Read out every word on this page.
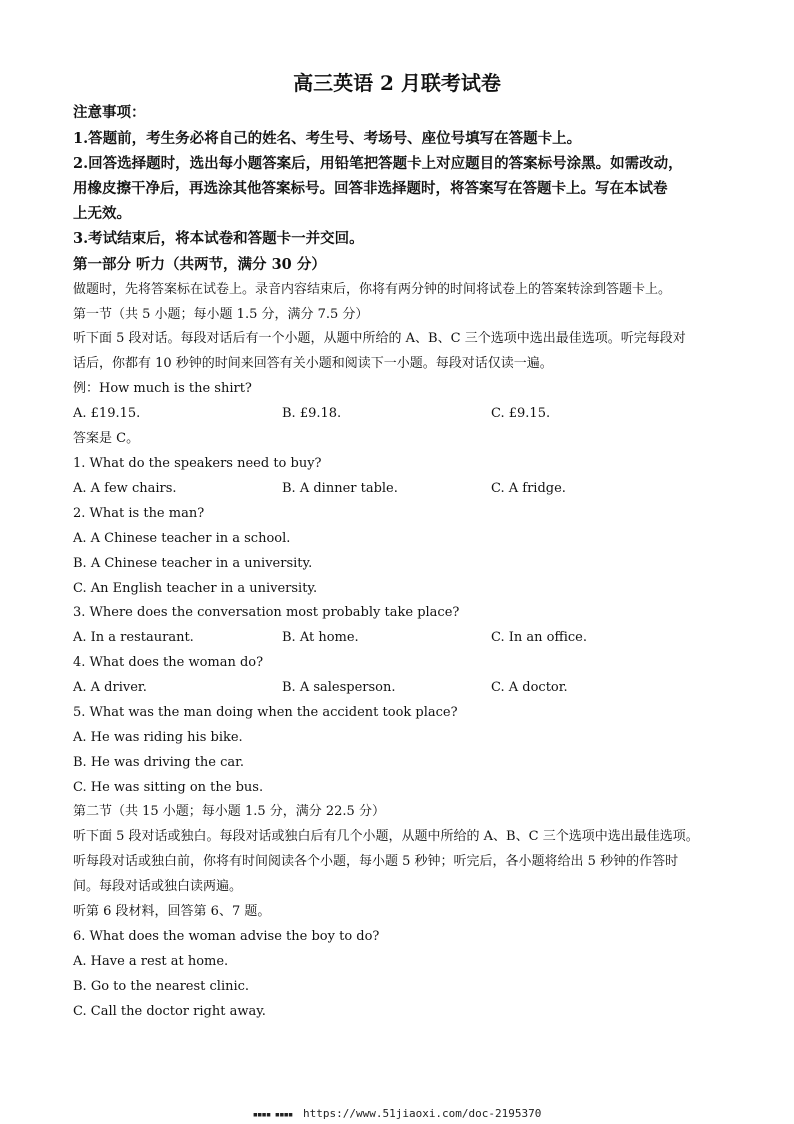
高三英语 2 月联考试卷
注意事项：
1.答题前，考生务必将自己的姓名、考生号、考场号、座位号填写在答题卡上。
2.回答选择题时，选出每小题答案后，用铅笔把答题卡上对应题目的答案标号涂黑。如需改动，
用橡皮擦干净后，再选涂其他答案标号。回答非选择题时，将答案写在答题卡上。写在本试卷
上无效。
3.考试结束后，将本试卷和答题卡一并交回。
第一部分 听力（共两节，满分 30 分）
做题时，先将答案标在试卷上。录音内容结束后，你将有两分钟的时间将试卷上的答案转涂到答题卡上。
第一节（共 5 小题；每小题 1.5 分，满分 7.5 分）
听下面 5 段对话。每段对话后有一个小题，从题中所给的 A、B、C 三个选项中选出最佳选项。听完每段对
话后，你都有 10 秒钟的时间来回答有关小题和阅读下一小题。每段对话仅读一遍。
例：How much is the shirt?
A. £19.15.	B. £9.18.	C. £9.15.
答案是 C。
1. What do the speakers need to buy?
A. A few chairs.	B. A dinner table.	C. A fridge.
2. What is the man?
A. A Chinese teacher in a school.
B. A Chinese teacher in a university.
C. An English teacher in a university.
3. Where does the conversation most probably take place?
A. In a restaurant.	B. At home.	C. In an office.
4. What does the woman do?
A. A driver.	B. A salesperson.	C. A doctor.
5. What was the man doing when the accident took place?
A. He was riding his bike.
B. He was driving the car.
C. He was sitting on the bus.
第二节（共 15 小题；每小题 1.5 分，满分 22.5 分）
听下面 5 段对话或独白。每段对话或独白后有几个小题，从题中所给的 A、B、C 三个选项中选出最佳选项。
听每段对话或独白前，你将有时间阅读各个小题，每小题 5 秒钟；听完后，各小题将给出 5 秒钟的作答时
间。每段对话或独白读两遍。
听第 6 段材料，回答第 6、7 题。
6. What does the woman advise the boy to do?
A. Have a rest at home.
B. Go to the nearest clinic.
C. Call the doctor right away.
▪▪▪▪ ▪▪▪▪ https://www.51jiaoxi.com/doc-2195370
